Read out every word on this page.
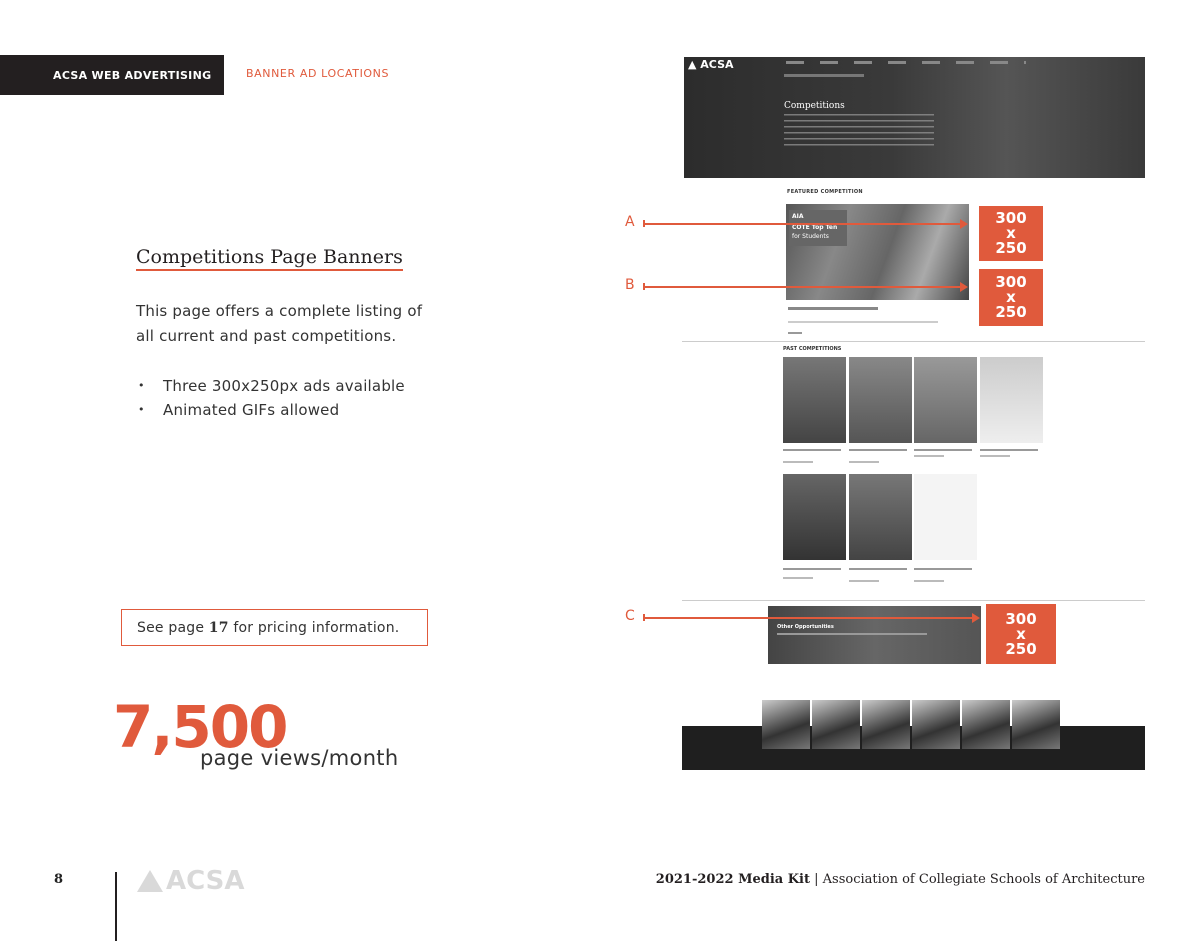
ACSA WEB ADVERTISING	BANNER AD LOCATIONS
Competitions Page Banners
This page offers a complete listing of all current and past competitions.
• Three 300x250px ads available
• Animated GIFs allowed
See page
17
for pricing information.
7,500
page views/month
▲ ACSA
Competitions
FEATURED COMPETITION
AIA
COTE Top Ten
for Students
PAST COMPETITIONS
Other Opportunities
A
B
C
300
x
250
300
x
250
300
x
250
8	ACSA	2021-2022 Media Kit | Association of Collegiate Schools of Architecture
